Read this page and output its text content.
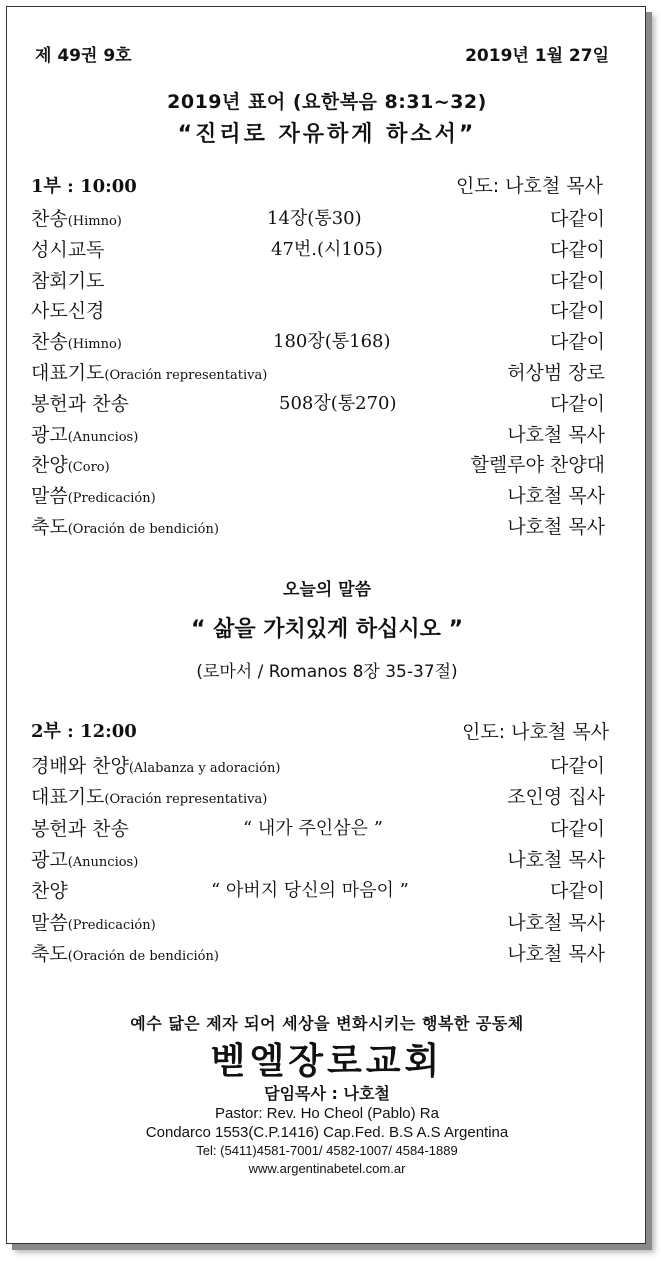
제 49권 9호	2019년 1월 27일
2019년 표어 (요한복음 8:31~32)
“진리로 자유하게 하소서”
1부 : 10:00	인도: 나호철 목사
찬송(Himno)	14장(통30)	다같이
성시교독	47번.(시105)	다같이
참회기도	다같이
사도신경	다같이
찬송(Himno)	180장(통168)	다같이
대표기도(Oración representativa)	허상범 장로
봉헌과 찬송	508장(통270)	다같이
광고(Anuncios)	나호철 목사
찬양(Coro)	할렐루야 찬양대
말씀(Predicación)	나호철 목사
축도(Oración de bendición)	나호철 목사
오늘의 말씀
“ 삶을 가치있게 하십시오 ”
(로마서 / Romanos 8장 35-37절)
2부 : 12:00	인도: 나호철 목사
경배와 찬양(Alabanza y adoración)	다같이
대표기도(Oración representativa)	조인영 집사
봉헌과 찬송	“ 내가 주인삼은 ”	다같이
광고(Anuncios)	나호철 목사
찬양	“ 아버지 당신의 마음이 ”	다같이
말씀(Predicación)	나호철 목사
축도(Oración de bendición)	나호철 목사
예수 닮은 제자 되어 세상을 변화시키는 행복한 공동체
벧엘장로교회
담임목사 : 나호철
Pastor: Rev. Ho Cheol (Pablo) Ra
Condarco 1553(C.P.1416) Cap.Fed. B.S A.S Argentina
Tel: (5411)4581-7001/ 4582-1007/ 4584-1889
www.argentinabetel.com.ar
